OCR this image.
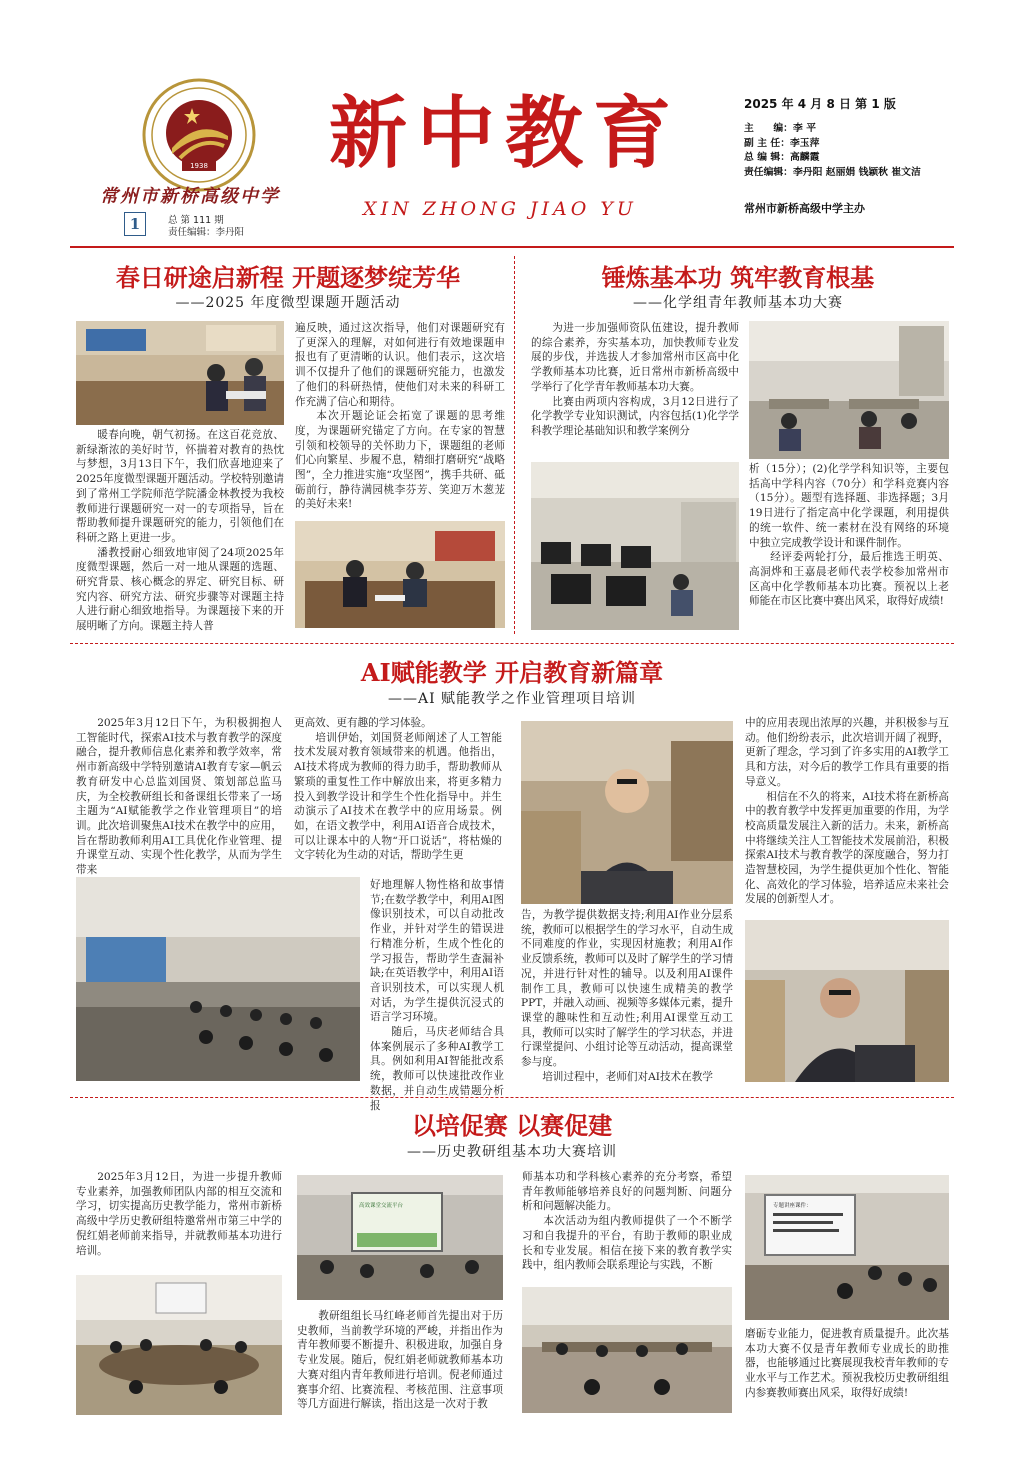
1938
常州市新桥高级中学
1	总 第 111 期
责任编辑：李丹阳
新中教育
XIN ZHONG JIAO YU
2025 年 4 月 8 日 第 1 版
主　　编：李 平
副 主 任：李玉萍
总 编 辑：高麟霞
责任编辑：李丹阳 赵丽娟 钱颖秋 崔文洁
常州市新桥高级中学主办
春日研途启新程 开题逐梦绽芳华
——2025 年度微型课题开题活动

暖春向晚，朝气初扬。在这百花竞放、新绿渐浓的美好时节，怀揣着对教育的热忱与梦想，3月13日下午，我们欣喜地迎来了2025年度微型课题开题活动。学校特别邀请到了常州工学院师范学院潘金林教授为我校教师进行课题研究一对一的专项指导，旨在帮助教师提升课题研究的能力，引领他们在科研之路上更进一步。

潘教授耐心细致地审阅了24项2025年度微型课题，然后一对一地从课题的选题、研究背景、核心概念的界定、研究目标、研究内容、研究方法、研究步骤等对课题主持人进行耐心细致地指导。为课题接下来的开展明晰了方向。课题主持人普

遍反映，通过这次指导，他们对课题研究有了更深入的理解，对如何进行有效地课题申报也有了更清晰的认识。他们表示，这次培训不仅提升了他们的课题研究能力，也激发了他们的科研热情，使他们对未来的科研工作充满了信心和期待。

本次开题论证会拓宽了课题的思考维度，为课题研究锚定了方向。在专家的智慧引领和校领导的关怀助力下，课题组的老师们心向繁星、步履不息，精细打磨研究“战略图”，全力推进实施“攻坚图”，携手共研、砥砺前行，静待满园桃李芬芳、笑迎万木葱茏的美好未来!

锤炼基本功 筑牢教育根基
——化学组青年教师基本功大赛

为进一步加强师资队伍建设，提升教师的综合素养，夯实基本功，加快教师专业发展的步伐，并选拔人才参加常州市区高中化学教师基本功比赛，近日常州市新桥高级中学举行了化学青年教师基本功大赛。

比赛由两项内容构成，3月12日进行了化学教学专业知识测试，内容包括(1)化学学科教学理论基础知识和教学案例分

析（15分）；(2)化学学科知识等，主要包括高中学科内容（70分）和学科竞赛内容（15分）。题型有选择题、非选择题；3月19日进行了指定高中化学课题，利用提供的统一软件、统一素材在没有网络的环境中独立完成教学设计和课件制作。

经评委两轮打分，最后推选王明英、高洞烨和王嘉晨老师代表学校参加常州市区高中化学教师基本功比赛。预祝以上老师能在市区比赛中赛出风采，取得好成绩!

AI赋能教学 开启教育新篇章
——AI 赋能教学之作业管理项目培训

2025年3月12日下午，为积极拥抱人工智能时代，探索AI技术与教育教学的深度融合，提升教师信息化素养和教学效率，常州市新高级中学特别邀请AI教育专家—帆云教育研发中心总监刘国贤、策划部总监马庆，为全校教研组长和备课组长带来了一场主题为“AI赋能教学之作业管理项目”的培训。此次培训聚焦AI技术在教学中的应用，旨在帮助教师利用AI工具优化作业管理、提升课堂互动、实现个性化教学，从而为学生带来

更高效、更有趣的学习体验。

培训伊始，刘国贤老师阐述了人工智能技术发展对教育领域带来的机遇。他指出，AI技术将成为教师的得力助手，帮助教师从繁琐的重复性工作中解放出来，将更多精力投入到教学设计和学生个性化指导中。并生动演示了AI技术在教学中的应用场景。例如，在语文教学中，利用AI语音合成技术，可以让课本中的人物“开口说话”，将枯燥的文字转化为生动的对话，帮助学生更

好地理解人物性格和故事情节;在数学教学中，利用AI图像识别技术，可以自动批改作业，并针对学生的错误进行精准分析，生成个性化的学习报告，帮助学生查漏补缺;在英语教学中，利用AI语音识别技术，可以实现人机对话，为学生提供沉浸式的语言学习环境。

随后，马庆老师结合具体案例展示了多种AI教学工具。例如利用AI智能批改系统，教师可以快速批改作业数据，并自动生成错题分析报

告，为教学提供数据支持;利用AI作业分层系统，教师可以根据学生的学习水平，自动生成不同难度的作业，实现因材施教；利用AI作业反馈系统，教师可以及时了解学生的学习情况，并进行针对性的辅导。以及利用AI课件制作工具，教师可以快速生成精美的教学PPT，并融入动画、视频等多媒体元素，提升课堂的趣味性和互动性;利用AI课堂互动工具，教师可以实时了解学生的学习状态，并进行课堂提问、小组讨论等互动活动，提高课堂参与度。

培训过程中，老师们对AI技术在教学

中的应用表现出浓厚的兴趣，并积极参与互动。他们纷纷表示，此次培训开阔了视野，更新了理念，学习到了许多实用的AI教学工具和方法，对今后的教学工作具有重要的指导意义。

相信在不久的将来，AI技术将在新桥高中的教育教学中发挥更加重要的作用，为学校高质量发展注入新的活力。未来，新桥高中将继续关注人工智能技术发展前沿，积极探索AI技术与教育教学的深度融合，努力打造智慧校园，为学生提供更加个性化、智能化、高效化的学习体验，培养适应未来社会发展的创新型人才。

以培促赛 以赛促建
——历史教研组基本功大赛培训

2025年3月12日，为进一步提升教师专业素养，加强教师团队内部的相互交流和学习，切实提高历史教学能力，常州市新桥高级中学历史教研组特邀常州市第三中学的倪红娟老师前来指导，并就教师基本功进行培训。

高效课堂交流平台

教研组组长马红峰老师首先提出对于历史教师，当前教学环境的严峻，并指出作为青年教师要不断提升、积极进取，加强自身专业发展。随后，倪红娟老师就教师基本功大赛对组内青年教师进行培训。倪老师通过赛事介绍、比赛流程、考核范围、注意事项等几方面进行解读，指出这是一次对于教

师基本功和学科核心素养的充分考察，希望青年教师能够培养良好的问题判断、问题分析和问题解决能力。

本次活动为组内教师提供了一个不断学习和自我提升的平台，有助于教师的职业成长和专业发展。相信在接下来的教育教学实践中，组内教师会联系理论与实践，不断

专题讲座课件：

磨砺专业能力，促进教育质量提升。此次基本功大赛不仅是青年教师专业成长的助推器，也能够通过比赛展现我校青年教师的专业水平与工作艺术。预祝我校历史教研组组内参赛教师赛出风采，取得好成绩!
